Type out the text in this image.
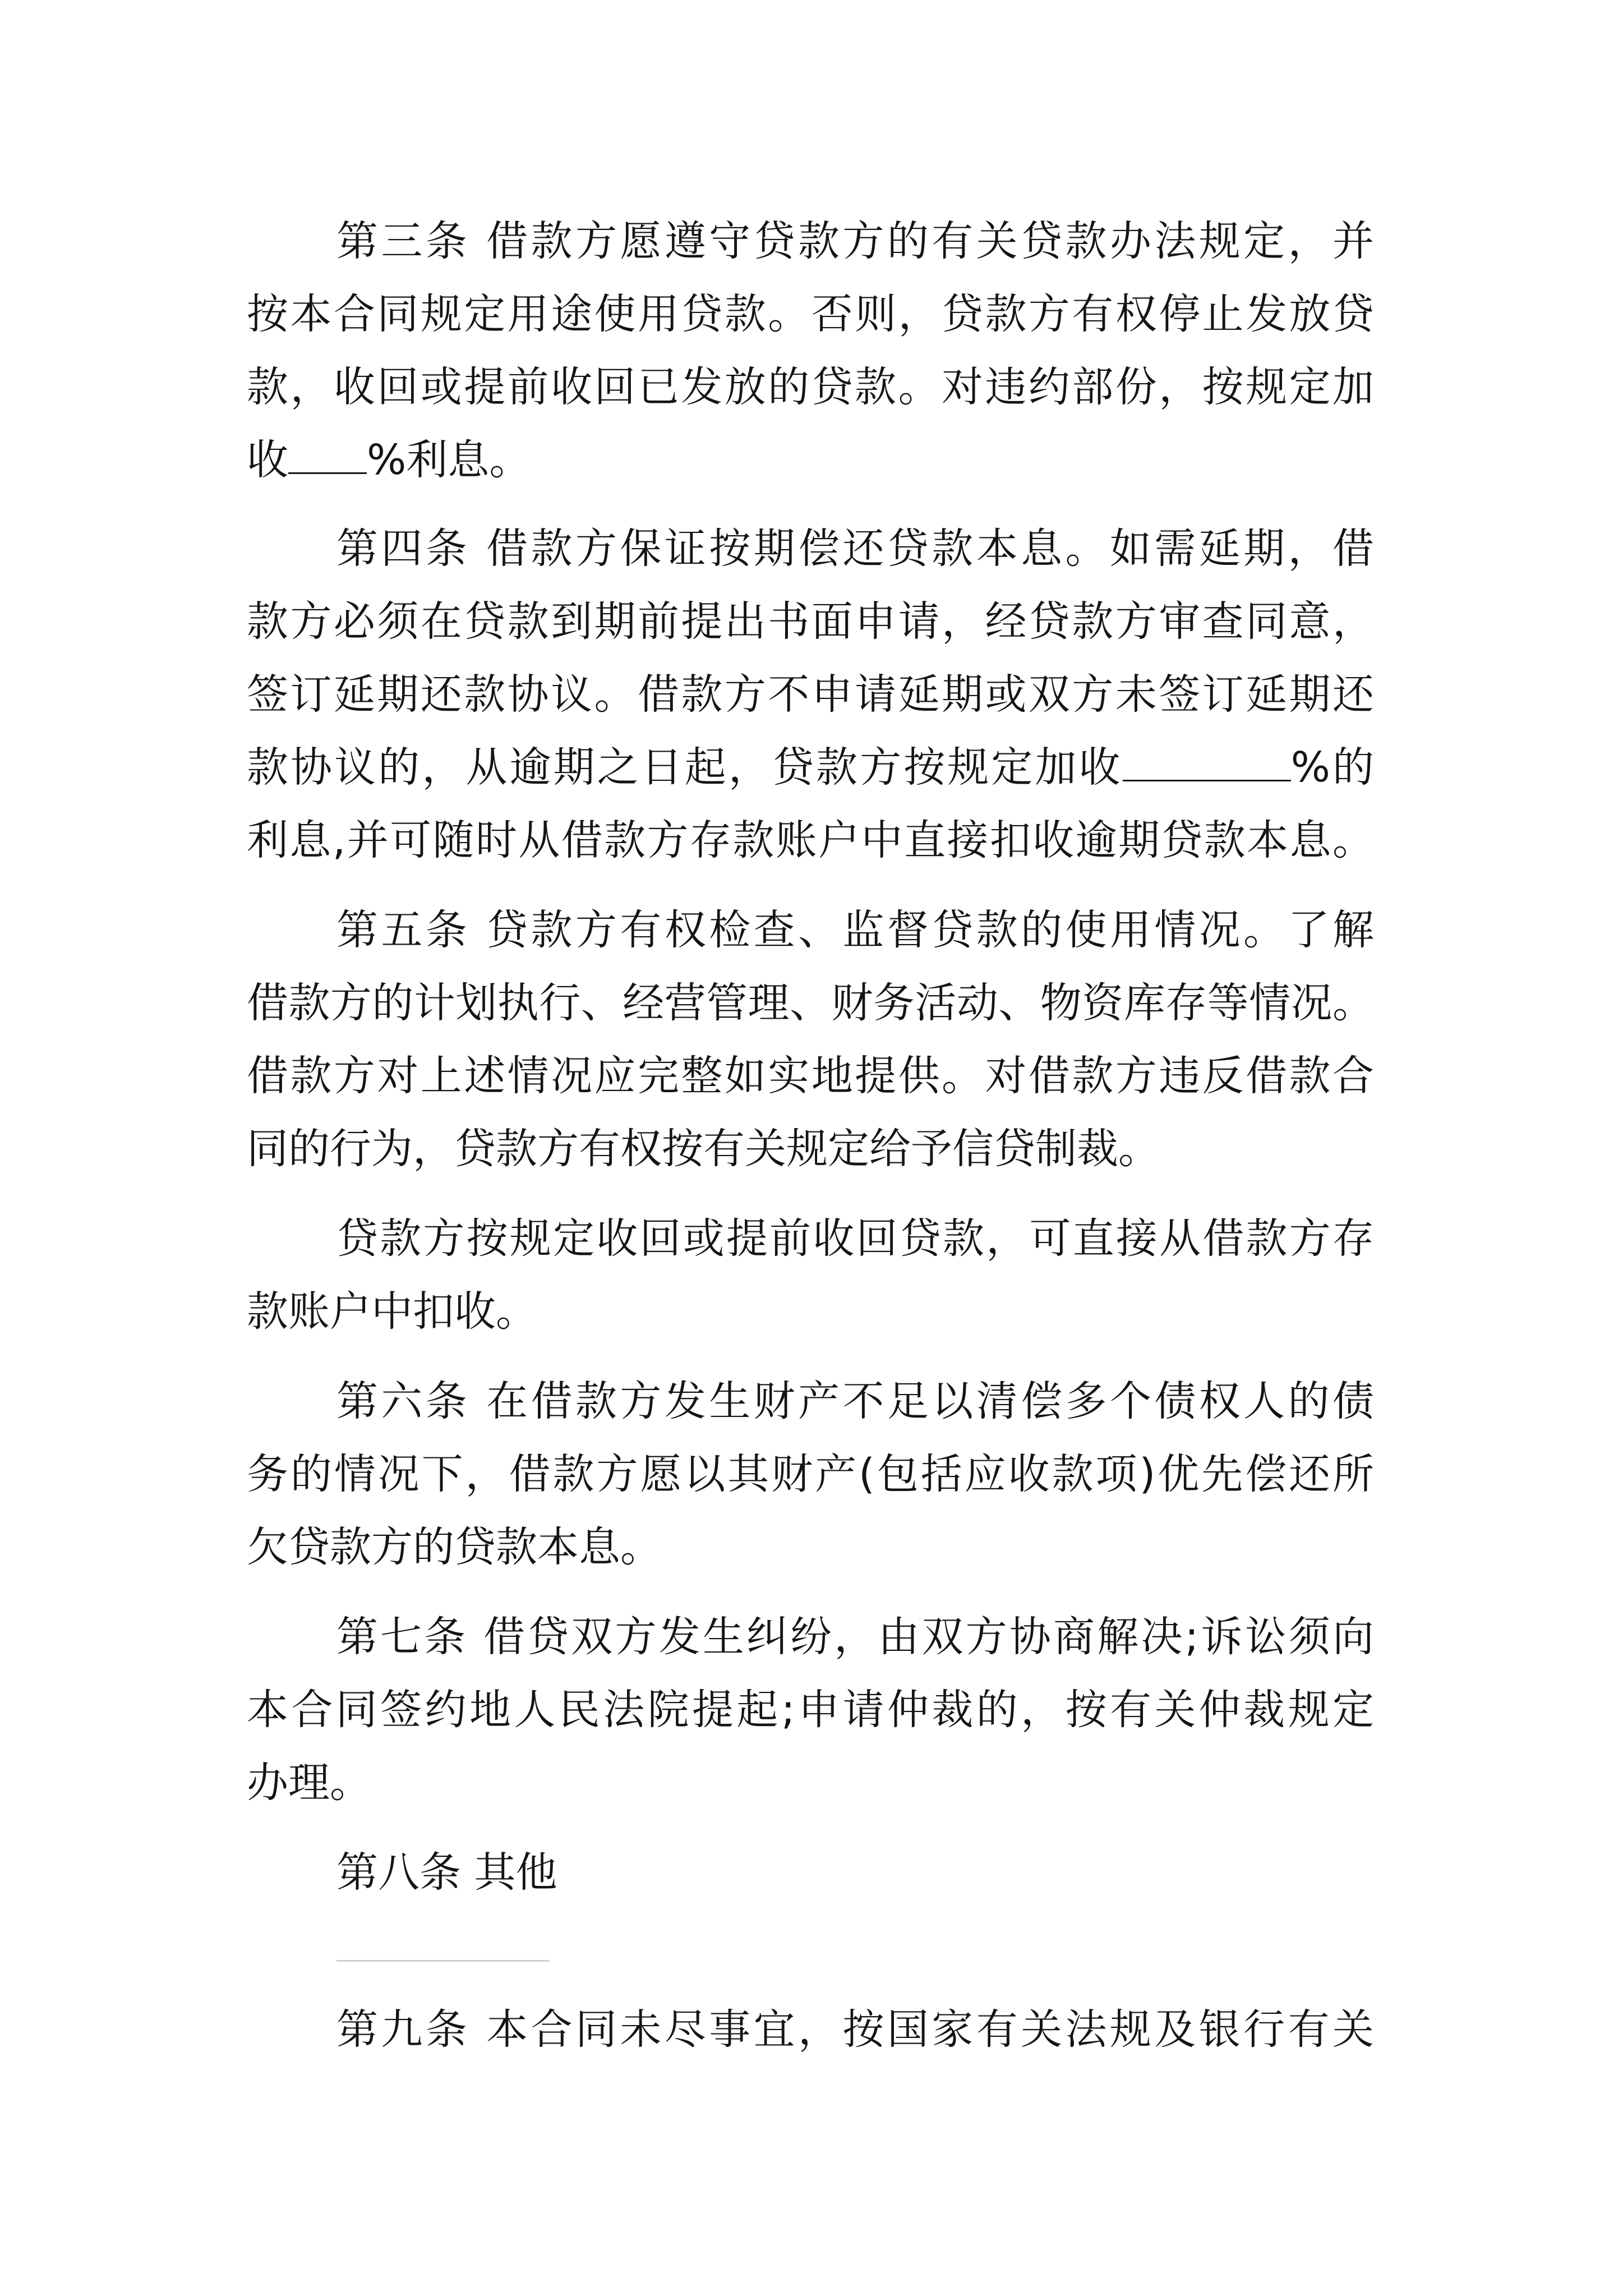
第三条 借款方愿遵守贷款方的有关贷款办法规定，并
按本合同规定用途使用贷款。否则，贷款方有权停止发放贷
款，收回或提前收回已发放的贷款。对违约部份，按规定加
收 %利息。
第四条 借款方保证按期偿还贷款本息。如需延期，借
款方必须在贷款到期前提出书面申请，经贷款方审查同意，
签订延期还款协议。借款方不申请延期或双方未签订延期还
款协议的，从逾期之日起，贷款方按规定加收	%的
利息,并可随时从借款方存款账户中直接扣收逾期贷款本息。
第五条 贷款方有权检查、监督贷款的使用情况。了解
借款方的计划执行、经营管理、财务活动、物资库存等情况。
借款方对上述情况应完整如实地提供。对借款方违反借款合
同的行为，贷款方有权按有关规定给予信贷制裁。
贷款方按规定收回或提前收回贷款，可直接从借款方存
款账户中扣收。
第六条 在借款方发生财产不足以清偿多个债权人的债
务的情况下，借款方愿以其财产(包括应收款项)优先偿还所
欠贷款方的贷款本息。
第七条 借贷双方发生纠纷，由双方协商解决;诉讼须向
本合同签约地人民法院提起;申请仲裁的，按有关仲裁规定
办理。
第八条 其他
第九条 本合同未尽事宜，按国家有关法规及银行有关
